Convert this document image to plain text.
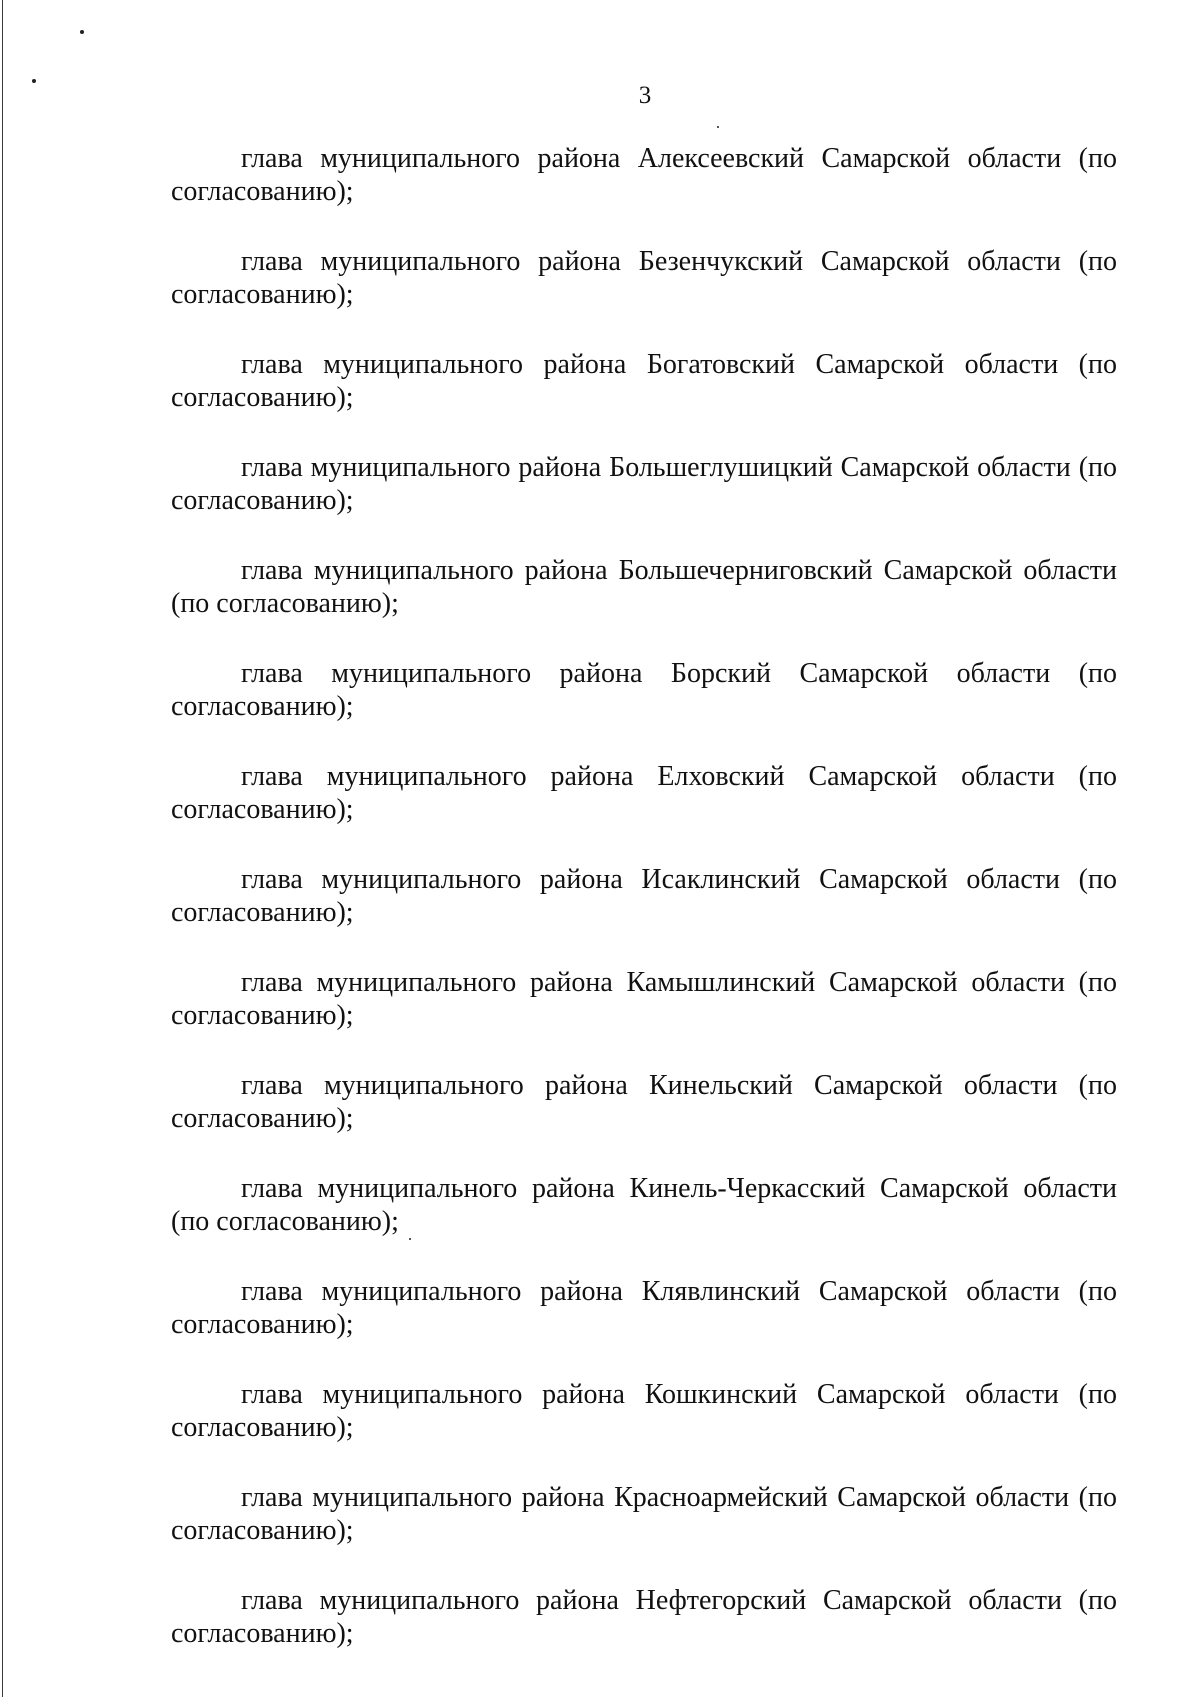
3

глава муниципального района Алексеевский Самарской области (по согласованию);

глава муниципального района Безенчукский Самарской области (по согласованию);

глава муниципального района Богатовский Самарской области (по согласованию);

глава муниципального района Большеглушицкий Самарской области (по согласованию);

глава муниципального района Большечерниговский Самарской области (по согласованию);

глава муниципального района Борский Самарской области (по согласованию);

глава муниципального района Елховский Самарской области (по согласованию);

глава муниципального района Исаклинский Самарской области (по согласованию);

глава муниципального района Камышлинский Самарской области (по согласованию);

глава муниципального района Кинельский Самарской области (по согласованию);

глава муниципального района Кинель-Черкасский Самарской области (по согласованию);

глава муниципального района Клявлинский Самарской области (по согласованию);

глава муниципального района Кошкинский Самарской области (по согласованию);

глава муниципального района Красноармейский Самарской области (по согласованию);

глава муниципального района Нефтегорский Самарской области (по согласованию);
